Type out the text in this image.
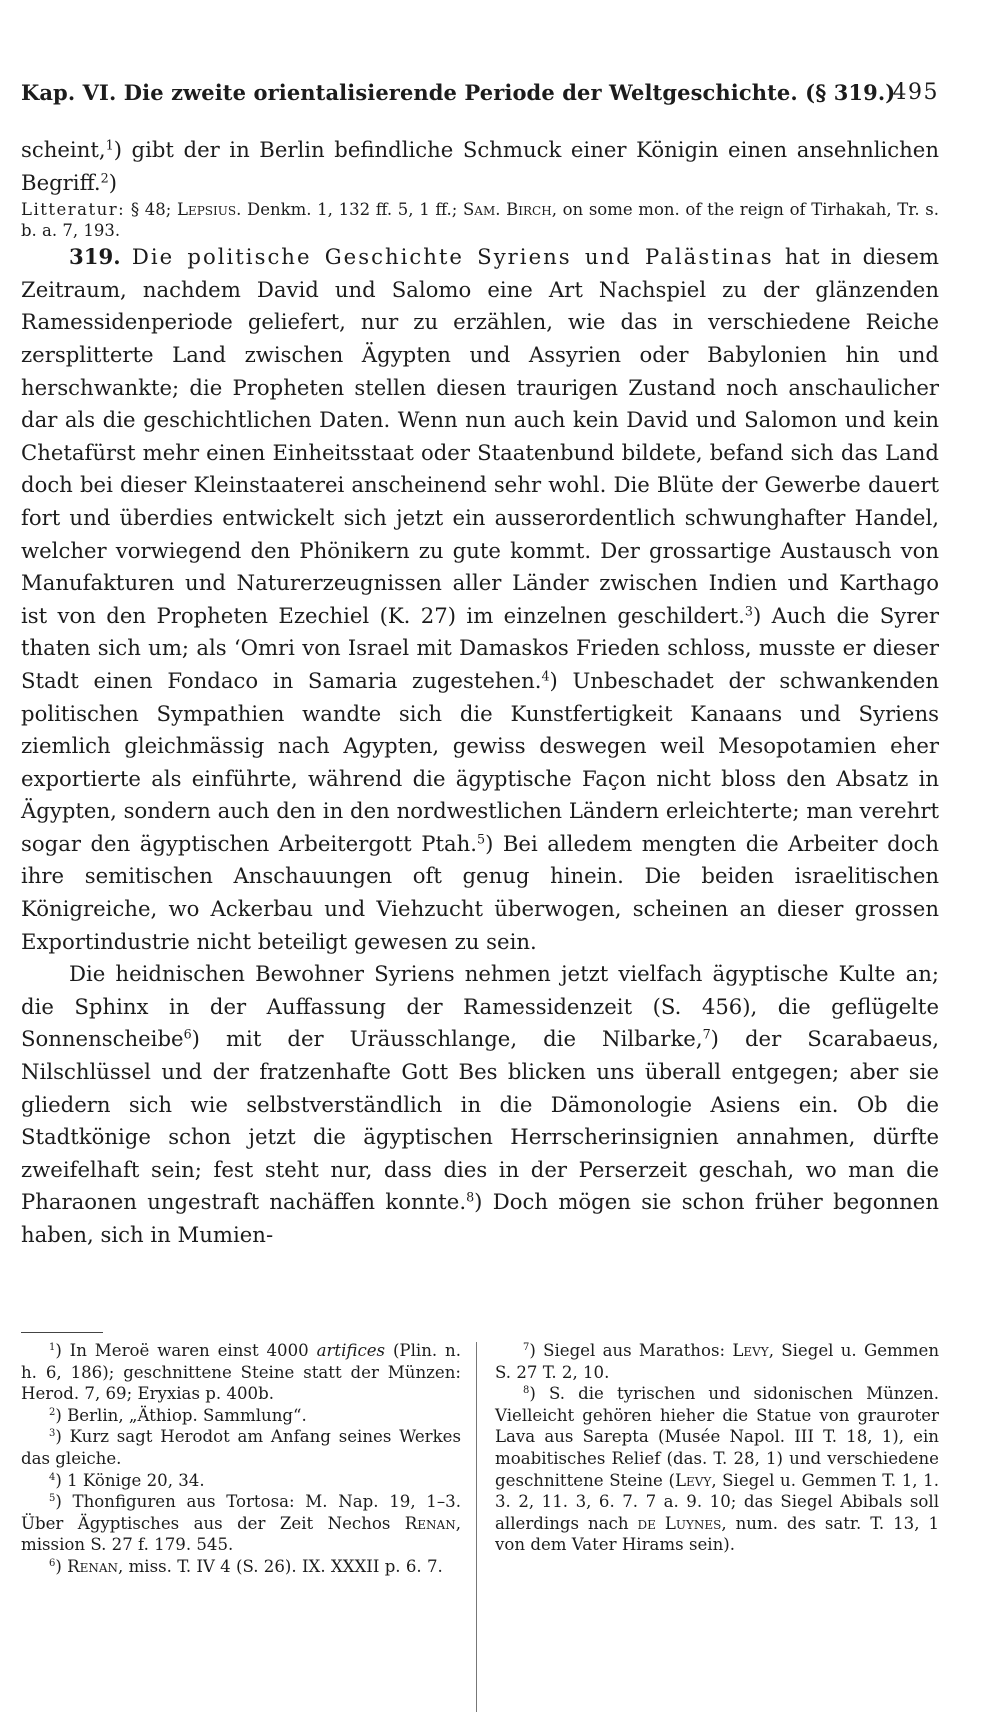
Kap. VI. Die zweite orientalisierende Periode der Weltgeschichte. (§ 319.)
495

scheint,$^1$) gibt der in Berlin befindliche Schmuck einer Königin einen ansehnlichen Begriff.$^2$)

Litteratur: § 48; Lepsius. Denkm. 1, 132 ff. 5, 1 ff.; Sam. Birch, on some mon. of the reign of Tirhakah, Tr. s. b. a. 7, 193.

319. Die politische Geschichte Syriens und Palästinas hat in diesem Zeitraum, nachdem David und Salomo eine Art Nachspiel zu der glänzenden Ramessidenperiode geliefert, nur zu erzählen, wie das in verschiedene Reiche zersplitterte Land zwischen Ägypten und Assyrien oder Babylonien hin und herschwankte; die Propheten stellen diesen traurigen Zustand noch anschaulicher dar als die geschichtlichen Daten. Wenn nun auch kein David und Salomon und kein Chetafürst mehr einen Einheitsstaat oder Staatenbund bildete, befand sich das Land doch bei dieser Kleinstaaterei anscheinend sehr wohl. Die Blüte der Gewerbe dauert fort und überdies entwickelt sich jetzt ein ausserordentlich schwunghafter Handel, welcher vorwiegend den Phönikern zu gute kommt. Der grossartige Austausch von Manufakturen und Naturerzeugnissen aller Länder zwischen Indien und Karthago ist von den Propheten Ezechiel (K. 27) im einzelnen geschildert.$^3$) Auch die Syrer thaten sich um; als ‘Omri von Israel mit Damaskos Frieden schloss, musste er dieser Stadt einen Fondaco in Samaria zugestehen.$^4$) Unbeschadet der schwankenden politischen Sympathien wandte sich die Kunstfertigkeit Kanaans und Syriens ziemlich gleichmässig nach Agypten, gewiss deswegen weil Mesopotamien eher exportierte als einführte, während die ägyptische Façon nicht bloss den Absatz in Ägypten, sondern auch den in den nordwestlichen Ländern erleichterte; man verehrt sogar den ägyptischen Arbeitergott Ptah.$^5$) Bei alledem mengten die Arbeiter doch ihre semitischen Anschauungen oft genug hinein. Die beiden israelitischen Königreiche, wo Ackerbau und Viehzucht überwogen, scheinen an dieser grossen Exportindustrie nicht beteiligt gewesen zu sein.

Die heidnischen Bewohner Syriens nehmen jetzt vielfach ägyptische Kulte an; die Sphinx in der Auffassung der Ramessidenzeit (S. 456), die geflügelte Sonnenscheibe$^6$) mit der Uräusschlange, die Nilbarke,$^7$) der Scarabaeus, Nilschlüssel und der fratzenhafte Gott Bes blicken uns überall entgegen; aber sie gliedern sich wie selbstverständlich in die Dämonologie Asiens ein. Ob die Stadtkönige schon jetzt die ägyptischen Herrscherinsignien annahmen, dürfte zweifelhaft sein; fest steht nur, dass dies in der Perserzeit geschah, wo man die Pharaonen ungestraft nachäffen konnte.$^8$) Doch mögen sie schon früher begonnen haben, sich in Mumien-

$^1$) In Meroë waren einst 4000 artifices (Plin. n. h. 6, 186); geschnittene Steine statt der Münzen: Herod. 7, 69; Eryxias p. 400b.

$^2$) Berlin, „Äthiop. Sammlung“.

$^3$) Kurz sagt Herodot am Anfang seines Werkes das gleiche.

$^4$) 1 Könige 20, 34.

$^5$) Thonfiguren aus Tortosa: M. Nap. 19, 1–3. Über Ägyptisches aus der Zeit Nechos Renan, mission S. 27 f. 179. 545.

$^6$) Renan, miss. T. IV 4 (S. 26). IX. XXXII p. 6. 7.

$^7$) Siegel aus Marathos: Levy, Siegel u. Gemmen S. 27 T. 2, 10.

$^8$) S. die tyrischen und sidonischen Münzen. Vielleicht gehören hieher die Statue von grauroter Lava aus Sarepta (Musée Napol. III T. 18, 1), ein moabitisches Relief (das. T. 28, 1) und verschiedene geschnittene Steine (Levy, Siegel u. Gemmen T. 1, 1. 3. 2, 11. 3, 6. 7. 7 a. 9. 10; das Siegel Abibals soll allerdings nach de Luynes, num. des satr. T. 13, 1 von dem Vater Hirams sein).
